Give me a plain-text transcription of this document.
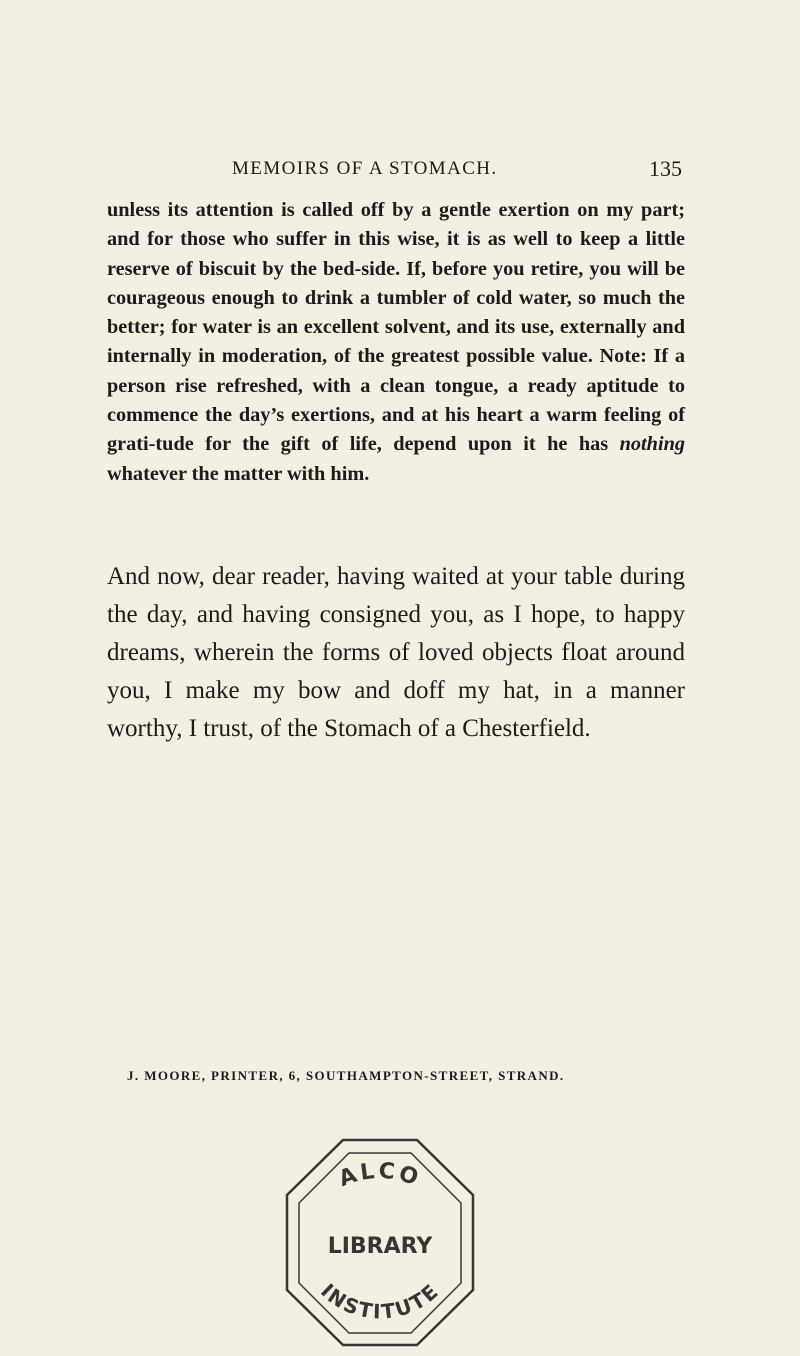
MEMOIRS OF A STOMACH.	135

unless its attention is called off by a gentle exertion on my part; and for those who suffer in this wise, it is as well to keep a little reserve of biscuit by the bed-side. If, before you retire, you will be courageous enough to drink a tumbler of cold water, so much the better; for water is an excellent solvent, and its use, externally and internally in moderation, of the greatest possible value. Note: If a person rise refreshed, with a clean tongue, a ready aptitude to commence the day’s exertions, and at his heart a warm feeling of grati-tude for the gift of life, depend upon it he has nothing whatever the matter with him.

And now, dear reader, having waited at your table during the day, and having consigned you, as I hope, to happy dreams, wherein the forms of loved objects float around you, I make my bow and doff my hat, in a manner worthy, I trust, of the Stomach of a Chesterfield.

J. MOORE, PRINTER, 6, SOUTHAMPTON-STREET, STRAND.
ALCO
LIBRARY
INSTITUTE
